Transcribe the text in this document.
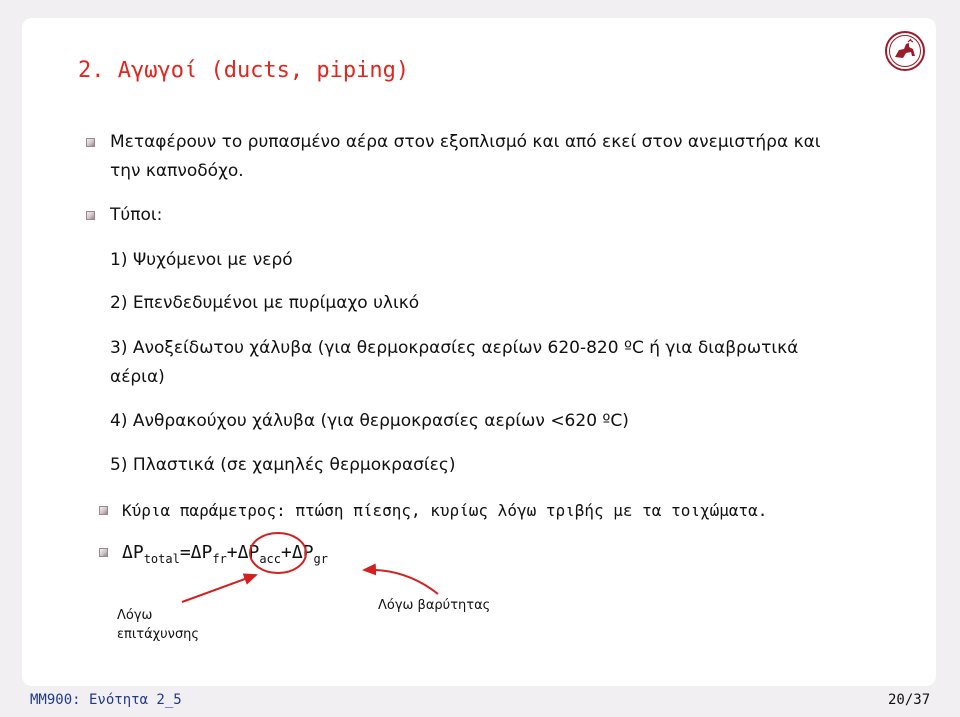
2. Αγωγοί (ducts, piping)
Μεταφέρουν το ρυπασμένο αέρα στον εξοπλισμό και από εκεί στον ανεμιστήρα και
την καπνοδόχο.
Τύποι:
1) Ψυχόμενοι με νερό
2) Επενδεδυμένοι με πυρίμαχο υλικό
3) Ανοξείδωτου χάλυβα (για θερμοκρασίες αερίων 620-820 ºC ή για διαβρωτικά
αέρια)
4) Ανθρακούχου χάλυβα (για θερμοκρασίες αερίων <620 ºC)
5) Πλαστικά (σε χαμηλές θερμοκρασίες)
Κύρια παράμετρος: πτώση πίεσης, κυρίως λόγω τριβής με τα τοιχώματα.
$\Delta P_{total}=\Delta P_{fr}+\Delta P_{acc}+\Delta P_{gr}$
Λόγω
επιτάχυνσης
Λόγω βαρύτητας
ΜΜ900: Ενότητα 2_5	20/37
